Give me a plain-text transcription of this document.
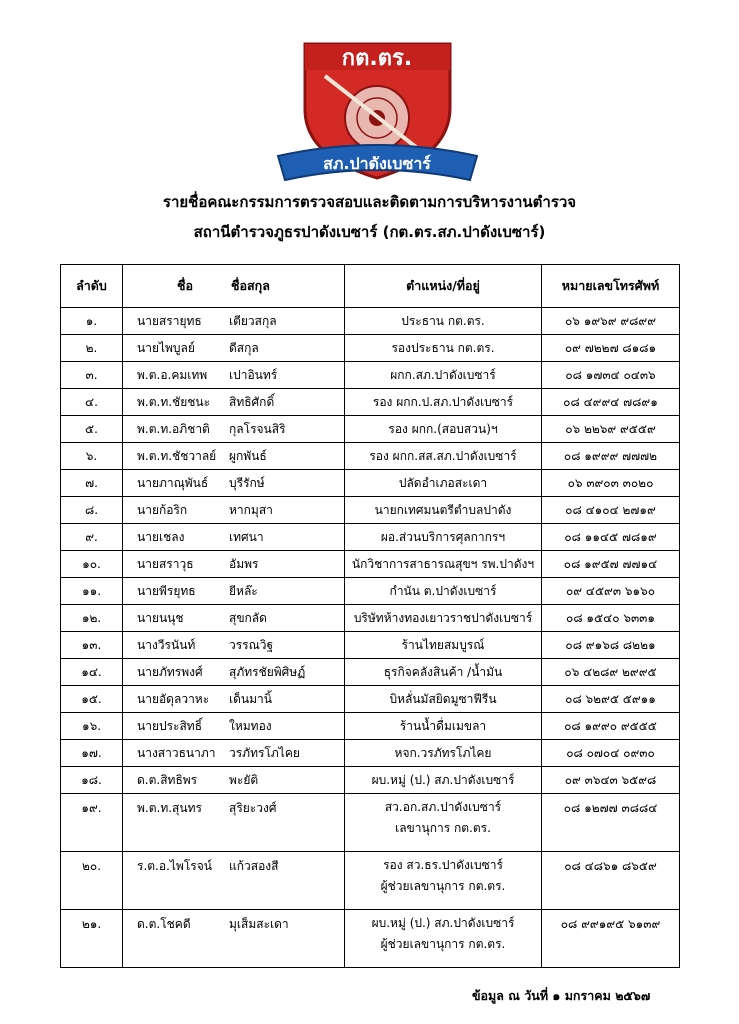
กต.ตร.
สภ.ปาดังเบซาร์
รายชื่อคณะกรรมการตรวจสอบและติดตามการบริหารงานตำรวจ
สถานีตำรวจภูธรปาดังเบซาร์ (กต.ตร.สภ.ปาดังเบซาร์)
ลำดับ	ชื่อ ชื่อสกุล	ตำแหน่ง/ที่อยู่	หมายเลขโทรศัพท์
๑.	นายสรายุทธ เตียวสกุล	ประธาน กต.ตร.	๐๖ ๑๙๖๙ ๙๘๙๙
๒.	นายไพบูลย์ ดีสกุล	รองประธาน กต.ตร.	๐๙ ๗๒๒๗ ๘๑๘๑
๓.	พ.ต.อ.คมเทพ เปาอินทร์	ผกก.สภ.ปาดังเบซาร์	๐๘ ๑๗๓๔ ๐๔๓๖
๔.	พ.ต.ท.ชัยชนะ สิทธิศักดิ์	รอง ผกก.ป.สภ.ปาดังเบซาร์	๐๘ ๔๙๙๔ ๗๘๙๑
๕.	พ.ต.ท.อภิชาติ กุลโรจนสิริ	รอง ผกก.(สอบสวน)ฯ	๐๖ ๒๒๖๙ ๙๕๕๙
๖.	พ.ต.ท.ชัชวาลย์ ผูกพันธ์	รอง ผกก.สส.สภ.ปาดังเบซาร์	๐๘ ๑๙๙๙ ๗๗๗๒
๗.	นายภาณุพันธ์ บุรีรักษ์	ปลัดอำเภอสะเดา	๐๖ ๓๙๐๓ ๓๐๒๐
๘.	นายก้อริก หากมุสา	นายกเทศมนตรีตำบลปาดัง	๐๘ ๔๑๐๔ ๒๗๑๙
๙.	นายเชลง เทศนา	ผอ.ส่วนบริการศุลกากรฯ	๐๘ ๑๑๔๕ ๗๘๑๙
๑๐.	นายสราวุธ อัมพร	นักวิชาการสาธารณสุขฯ รพ.ปาดังฯ	๐๘ ๑๙๕๗ ๗๗๑๔
๑๑.	นายพีรยุทธ ยีหล๊ะ	กำนัน ต.ปาดังเบซาร์	๐๙ ๔๕๙๓ ๖๑๖๐
๑๒.	นายนนุช สุขกลัด	บริษัทห้างทองเยาวราชปาดังเบซาร์	๐๘ ๑๕๔๐ ๖๓๓๑
๑๓.	นางวีรนันท์ วรรณวิฐ	ร้านไทยสมบูรณ์	๐๘ ๙๑๖๘ ๘๒๒๑
๑๔.	นายภัทรพงศ์ สุภัทรชัยพิศิษฏ์	ธุรกิจคลังสินค้า /น้ำมัน	๐๖ ๔๒๘๙ ๒๙๙๕
๑๕.	นายอัดุลวาหะ เด็นมานิ้	บิหลั่นมัสยิดมูซาฟีรีน	๐๘ ๖๒๙๕ ๕๙๑๑
๑๖.	นายประสิทธิ์ ใหมทอง	ร้านน้ำดื่มเมขลา	๐๘ ๑๙๙๐ ๙๕๕๕
๑๗.	นางสาวธนาภา วรภัทรโภไคย	หจก.วรภัทรโภไคย	๐๘ ๐๗๐๔ ๐๙๓๐
๑๘.	ด.ต.สิทธิพร พะยัติ	ผบ.หมู่ (ป.) สภ.ปาดังเบซาร์	๐๙ ๓๖๔๓ ๖๕๙๘
๑๙.	พ.ต.ท.สุนทร สุริยะวงศ์	สว.อก.สภ.ปาดังเบซาร์
เลขานุการ กต.ตร.	๐๘ ๑๒๗๗ ๓๘๘๔
๒๐.	ร.ต.อ.ไพโรจน์ แก้วสองสี	รอง สว.ธร.ปาดังเบซาร์
ผู้ช่วยเลขานุการ กต.ตร.	๐๘ ๔๘๖๑ ๘๖๕๙
๒๑.	ด.ต.โชคดี มุเส็มสะเดา	ผบ.หมู่ (ป.) สภ.ปาดังเบซาร์
ผู้ช่วยเลขานุการ กต.ตร.	๐๘ ๙๙๑๙๕ ๖๑๓๙
ข้อมูล ณ วันที่ ๑ มกราคม ๒๕๖๗
